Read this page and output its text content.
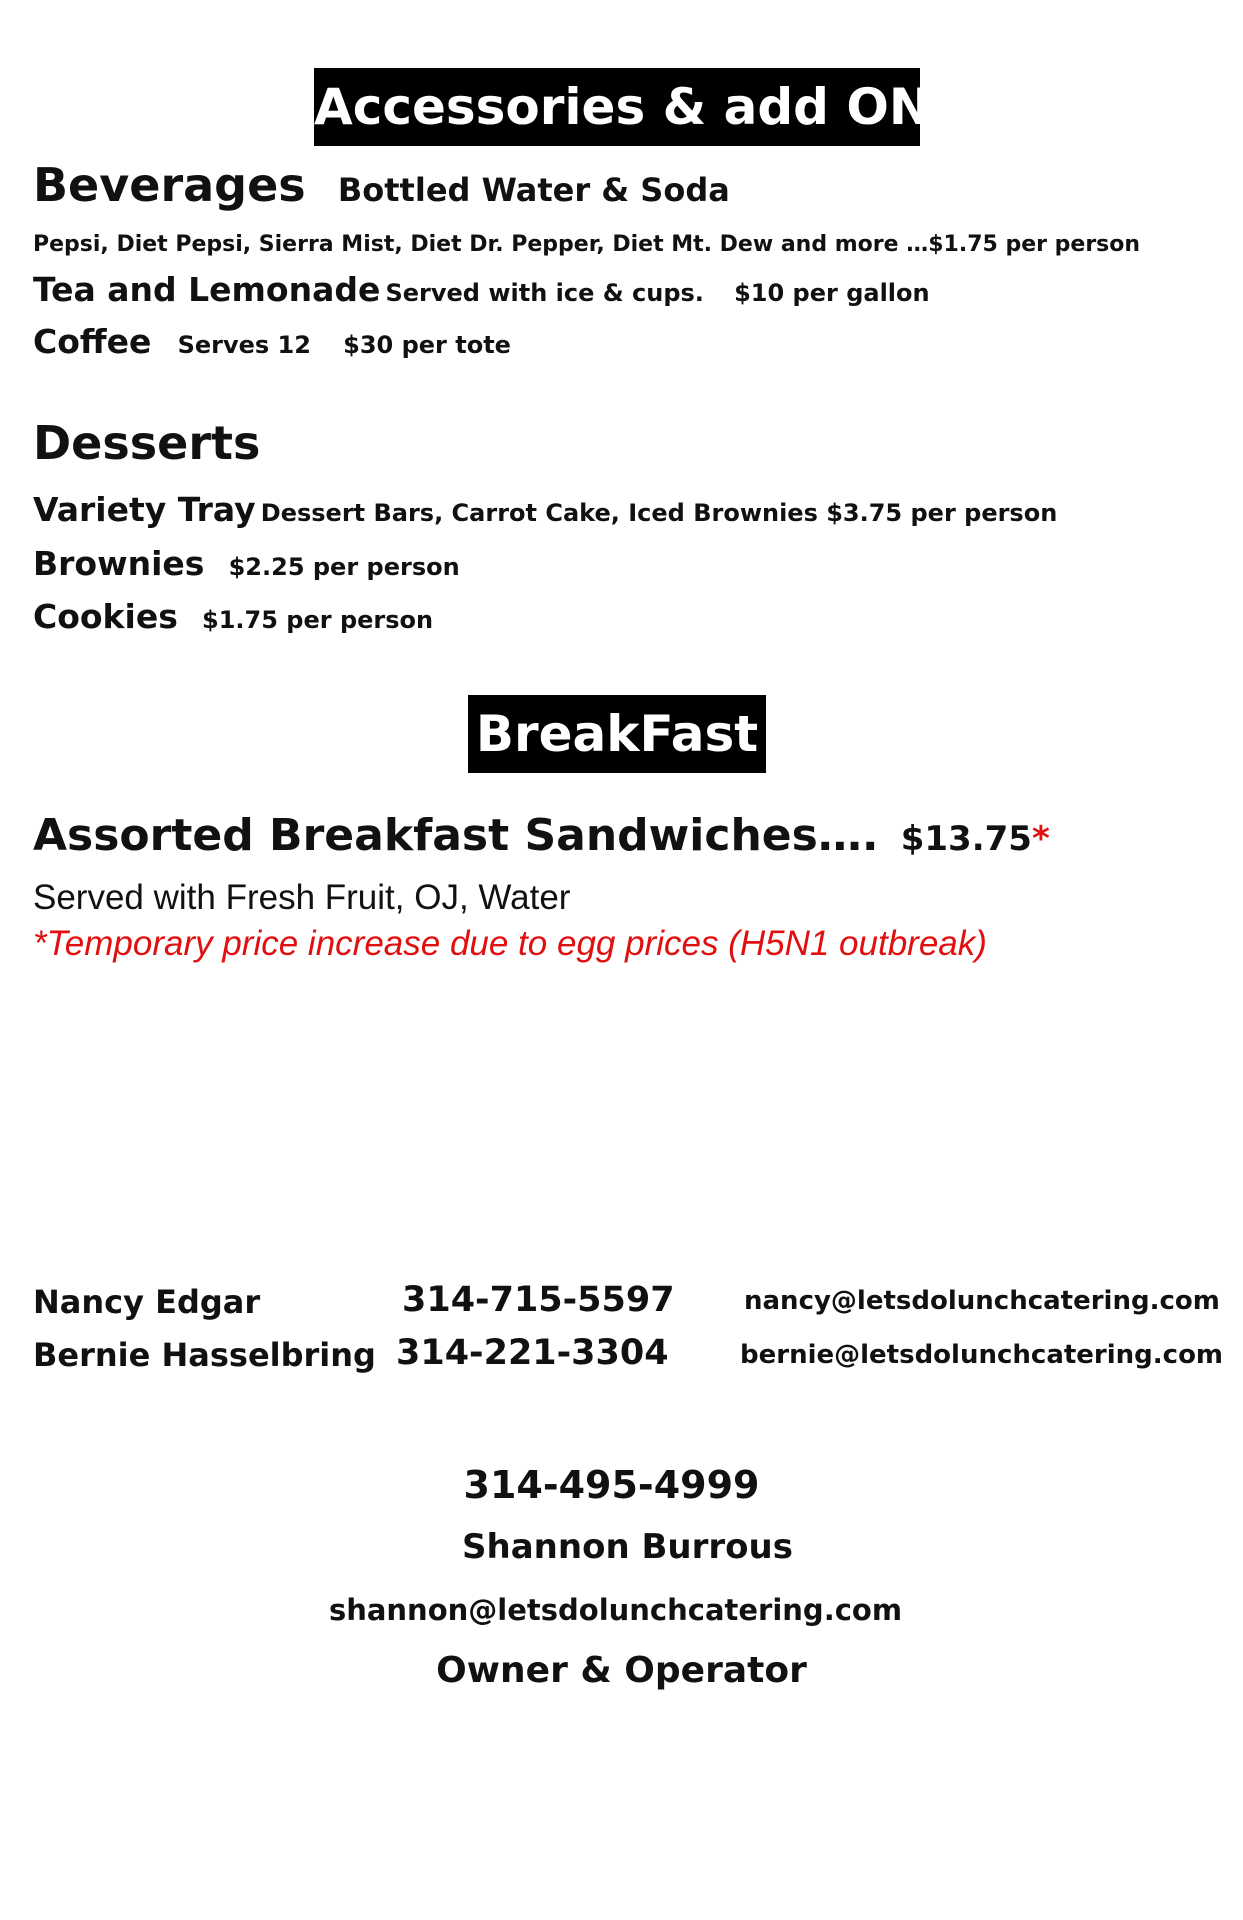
Accessories & add ONS
Beverages Bottled Water & Soda
Pepsi, Diet Pepsi, Sierra Mist, Diet Dr. Pepper, Diet Mt. Dew and more …$1.75 per person
Tea and Lemonade Served with ice & cups. $10 per gallon
Coffee Serves 12 $30 per tote
Desserts
Variety Tray Dessert Bars, Carrot Cake, Iced Brownies $3.75 per person
Brownies $2.25 per person
Cookies $1.75 per person
BreakFast
Assorted Breakfast Sandwiches…. $13.75*
Served with Fresh Fruit, OJ, Water
*Temporary price increase due to egg prices (H5N1 outbreak)
Nancy Edgar	314-715-5597	nancy@letsdolunchcatering.com
Bernie Hasselbring 314-221-3304	bernie@letsdolunchcatering.com
314-495-4999
Shannon Burrous
shannon@letsdolunchcatering.com
Owner & Operator
